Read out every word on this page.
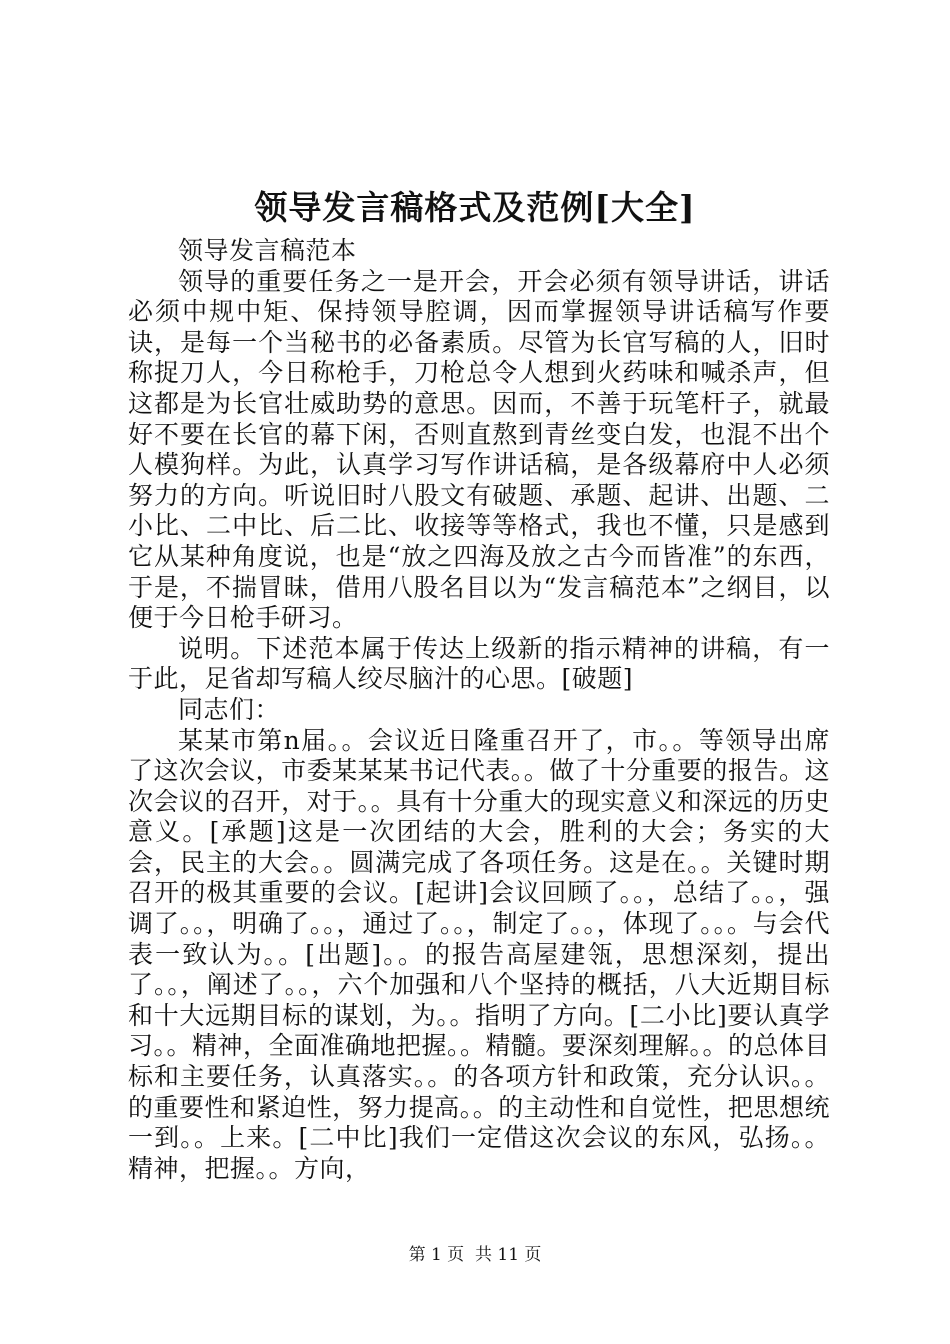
领导发言稿格式及范例[大全]

领导发言稿范本

领导的重要任务之一是开会，开会必须有领导讲话，讲话必须中规中矩、保持领导腔调，因而掌握领导讲话稿写作要诀，是每一个当秘书的必备素质。尽管为长官写稿的人，旧时称捉刀人，今日称枪手，刀枪总令人想到火药味和喊杀声，但这都是为长官壮威助势的意思。因而，不善于玩笔杆子，就最好不要在长官的幕下闲，否则直熬到青丝变白发，也混不出个人模狗样。为此，认真学习写作讲话稿，是各级幕府中人必须努力的方向。听说旧时八股文有破题、承题、起讲、出题、二小比、二中比、后二比、收接等等格式，我也不懂，只是感到它从某种角度说，也是“放之四海及放之古今而皆准”的东西，于是，不揣冒昧，借用八股名目以为“发言稿范本”之纲目，以便于今日枪手研习。

说明。下述范本属于传达上级新的指示精神的讲稿，有一于此，足省却写稿人绞尽脑汁的心思。[破题]

同志们：

某某市第n届。。会议近日隆重召开了，市。。等领导出席了这次会议，市委某某某书记代表。。做了十分重要的报告。这次会议的召开，对于。。具有十分重大的现实意义和深远的历史意义。[承题]这是一次团结的大会，胜利的大会；务实的大会，民主的大会。。圆满完成了各项任务。这是在。。关键时期召开的极其重要的会议。[起讲]会议回顾了。。，总结了。。，强调了。。，明确了。。，通过了。。，制定了。。，体现了。。。与会代表一致认为。。[出题]。。的报告高屋建瓴，思想深刻，提出了。。，阐述了。。，六个加强和八个坚持的概括，八大近期目标和十大远期目标的谋划，为。。指明了方向。[二小比]要认真学习。。精神，全面准确地把握。。精髓。要深刻理解。。的总体目标和主要任务，认真落实。。的各项方针和政策，充分认识。。的重要性和紧迫性，努力提高。。的主动性和自觉性，把思想统一到。。上来。[二中比]我们一定借这次会议的东风，弘扬。。精神，把握。。方向，

第 1 页  共 11 页
